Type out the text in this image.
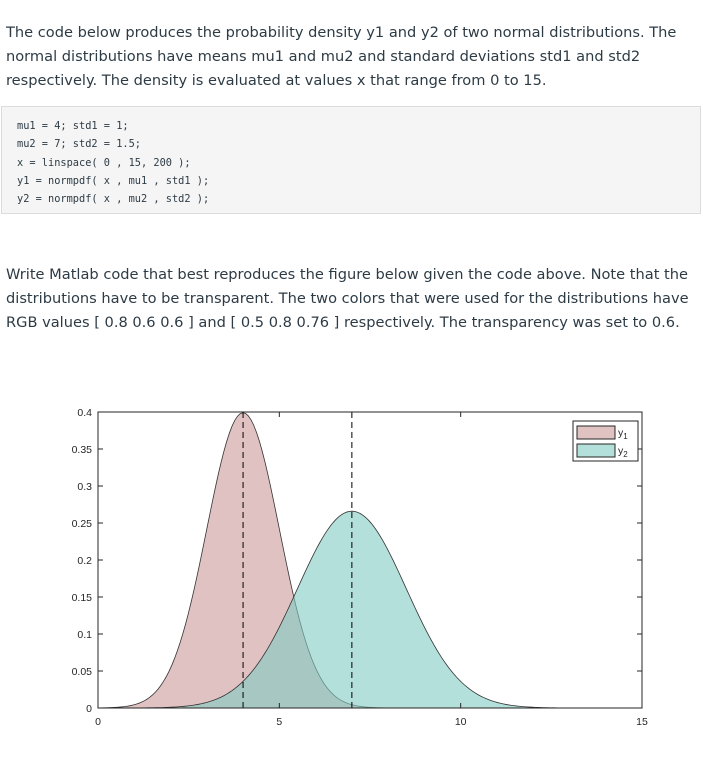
The code below produces the probability density y1 and y2 of two normal distributions. The normal distributions have means mu1 and mu2 and standard deviations std1 and std2 respectively. The density is evaluated at values x that range from 0 to 15.

mu1 = 4; std1 = 1;
mu2 = 7; std2 = 1.5;
x = linspace( 0 , 15, 200 );
y1 = normpdf( x , mu1 , std1 );
y2 = normpdf( x , mu2 , std2 );

Write Matlab code that best reproduces the figure below given the code above. Note that the distributions have to be transparent. The two colors that were used for the distributions have RGB values [ 0.8 0.6 0.6 ] and [ 0.5 0.8 0.76 ] respectively. The transparency was set to 0.6.

0	5	10	15
0
0.05
0.1
0.15
0.2
0.25
0.3
0.35
0.4
$y_1$
$y_2$
